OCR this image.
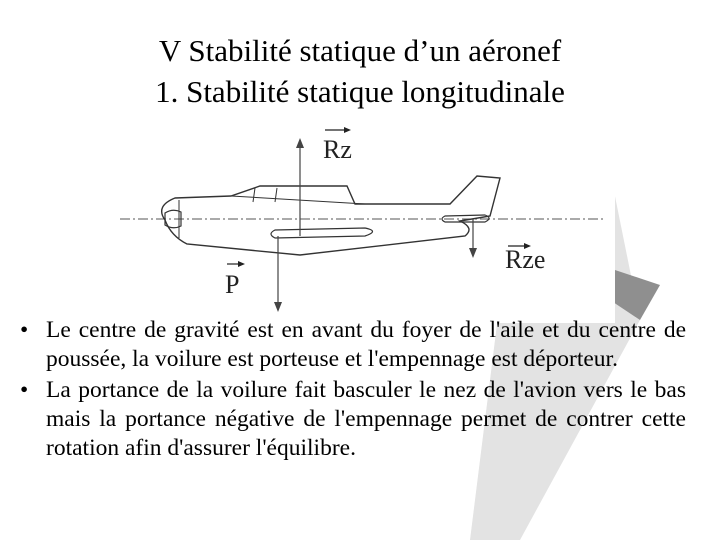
V Stabilité statique d’un aéronef
1. Stabilité statique longitudinale
Rz
Rze
P
• Le centre de gravité est en avant du foyer de l'aile et du centre de poussée, la voilure est porteuse et l'empennage est déporteur.
• La portance de la voilure fait basculer le nez de l'avion vers le bas mais la portance négative de l'empennage permet de contrer cette rotation afin d'assurer l'équilibre.
